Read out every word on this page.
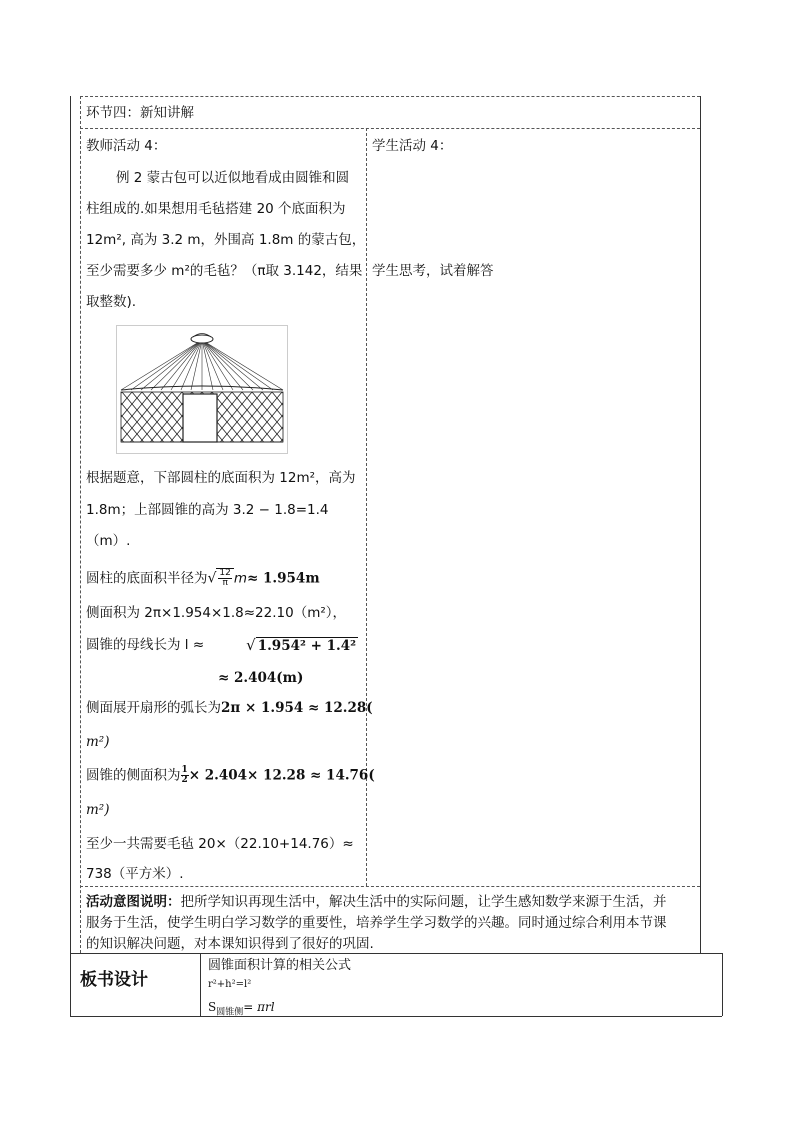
环节四：新知讲解
教师活动 4：
例 2 蒙古包可以近似地看成由圆锥和圆
柱组成的.如果想用毛毡搭建 20 个底面积为
12m², 高为 3.2 m，外围高 1.8m 的蒙古包，
至少需要多少 m²的毛毡？（π取 3.142，结果
取整数).
根据题意，下部圆柱的底面积为 12m²，高为
1.8m；上部圆锥的高为 3.2 − 1.8=1.4
（m）.
圆柱的底面积半径为√ $\frac{12}{\pi} m\approx 1.954m$
侧面积为 2π×1.954×1.8≈22.10（m²），
圆锥的母线长为 l ≈	√ 1.954² + 1.4²
≈ 2.404(m)
侧面展开扇形的弧长为2π × 1.954 ≈ 12.28(
m²)
圆锥的侧面积为 $\frac{1}{2} \times 2.404\times 12.28 \approx 14.76$(
m²)
至少一共需要毛毡 20×（22.10+14.76）≈
738（平方米）.
学生活动 4：
学生思考，试着解答
活动意图说明：把所学知识再现生活中，解决生活中的实际问题，让学生感知数学来源于生活，并
服务于生活，使学生明白学习数学的重要性，培养学生学习数学的兴趣。同时通过综合利用本节课
的知识解决问题，对本课知识得到了很好的巩固.
板书设计
圆锥面积计算的相关公式
r²+h²=l²
$S_{圆锥侧}= \pi rl$
